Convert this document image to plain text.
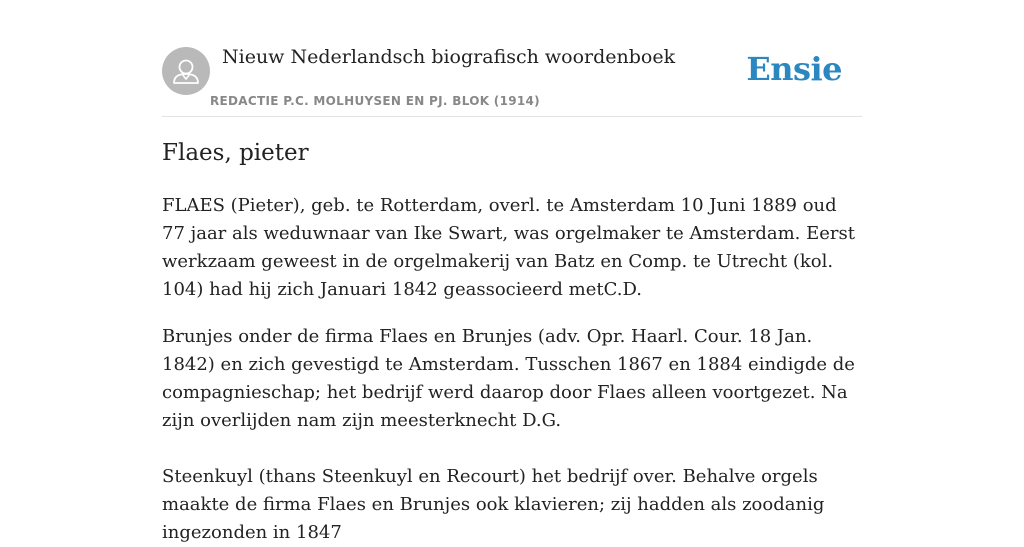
Nieuw Nederlandsch biografisch woordenboek
REDACTIE P.C. MOLHUYSEN EN PJ. BLOK (1914)
Ensie
Flaes, pieter

FLAES (Pieter), geb. te Rotterdam, overl. te Amsterdam 10 Juni 1889 oud 77 jaar als weduwnaar van Ike Swart, was orgelmaker te Amsterdam. Eerst werkzaam geweest in de orgelmakerij van Batz en Comp. te Utrecht (kol. 104) had hij zich Januari 1842 geassocieerd metC.D.

Brunjes onder de firma Flaes en Brunjes (adv. Opr. Haarl. Cour. 18 Jan. 1842) en zich gevestigd te Amsterdam. Tusschen 1867 en 1884 eindigde de compagnieschap; het bedrijf werd daarop door Flaes alleen voortgezet. Na zijn overlijden nam zijn meesterknecht D.G.

Steenkuyl (thans Steenkuyl en Recourt) het bedrijf over. Behalve orgels maakte de firma Flaes en Brunjes ook klavieren; zij hadden als zoodanig ingezonden in 1847
